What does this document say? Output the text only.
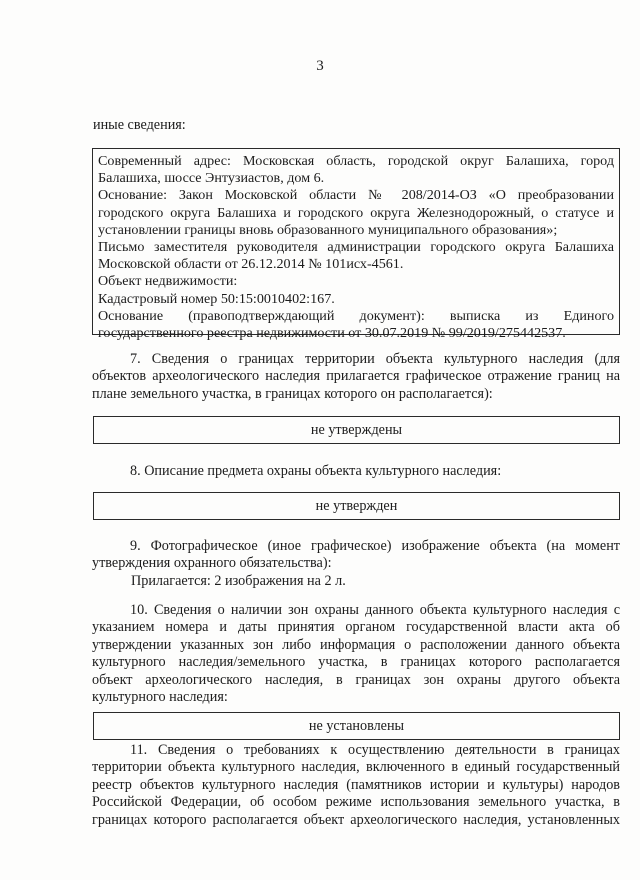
3
иные сведения:
Современный адрес: Московская область, городской округ Балашиха, город
Балашиха, шоссе Энтузиастов, дом 6.
Основание: Закон Московской области № 208/2014-ОЗ «О преобразовании
городского округа Балашиха и городского округа Железнодорожный, о статусе и
установлении границы вновь образованного муниципального образования»;
Письмо заместителя руководителя администрации городского округа Балашиха
Московской области от 26.12.2014 № 101исх-4561.
Объект недвижимости:
Кадастровый номер 50:15:0010402:167.
Основание (правоподтверждающий документ): выписка из Единого
государственного реестра недвижимости от 30.07.2019 № 99/2019/275442537.
7. Сведения о границах территории объекта культурного наследия (для
объектов археологического наследия прилагается графическое отражение границ на
плане земельного участка, в границах которого он располагается):
не утверждены
8. Описание предмета охраны объекта культурного наследия:
не утвержден
9. Фотографическое (иное графическое) изображение объекта (на момент
утверждения охранного обязательства):
Прилагается: 2 изображения на 2 л.
10. Сведения о наличии зон охраны данного объекта культурного наследия с
указанием номера и даты принятия органом государственной власти акта об
утверждении указанных зон либо информация о расположении данного объекта
культурного наследия/земельного участка, в границах которого располагается
объект археологического наследия, в границах зон охраны другого объекта
культурного наследия:
не установлены
11. Сведения о требованиях к осуществлению деятельности в границах
территории объекта культурного наследия, включенного в единый государственный
реестр объектов культурного наследия (памятников истории и культуры) народов
Российской Федерации, об особом режиме использования земельного участка, в
границах которого располагается объект археологического наследия, установленных
